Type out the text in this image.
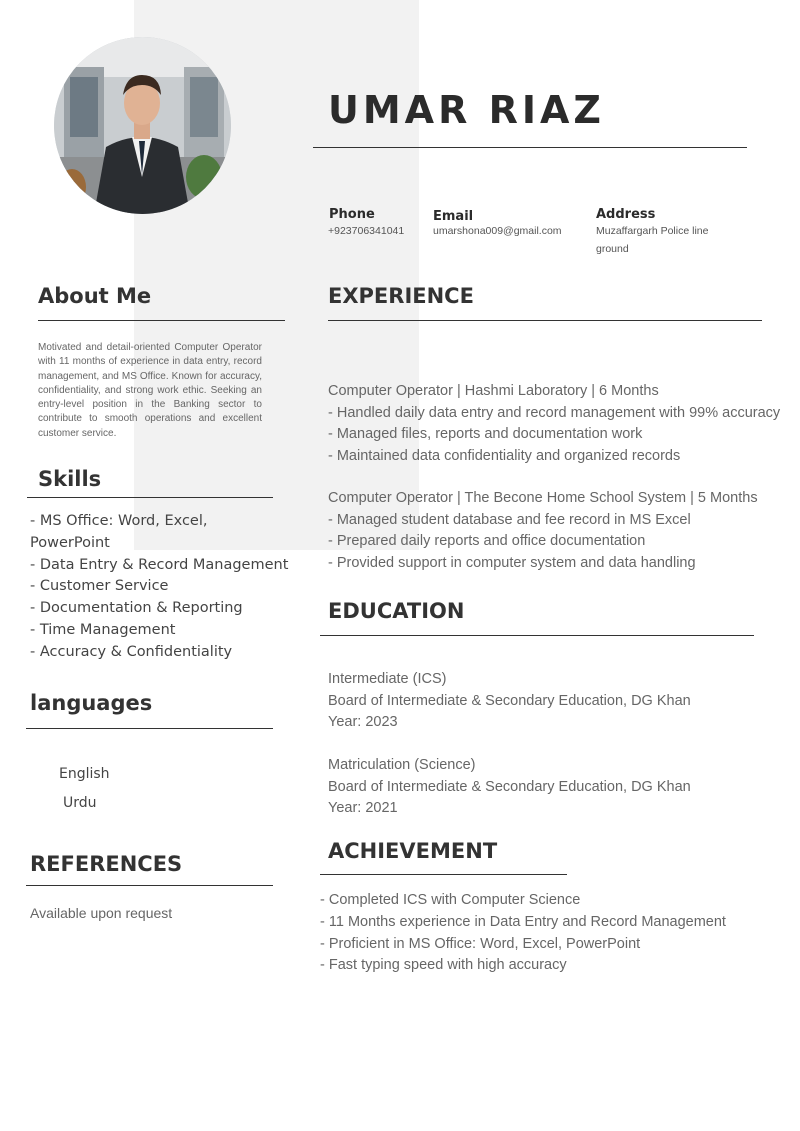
UMAR RIAZ
Phone
+923706341041
Email
umarshona009@gmail.com
Address
Muzaffargarh Police line
ground
About Me

Motivated and detail-oriented Computer Operator with 11 months of experience in data entry, record management, and MS Office. Known for accuracy, confidentiality, and strong work ethic. Seeking an entry-level position in the Banking sector to contribute to smooth operations and excellent customer service.

Skills
- MS Office: Word, Excel,
PowerPoint
- Data Entry & Record Management
- Customer Service
- Documentation & Reporting
- Time Management
- Accuracy & Confidentiality
languages
English
Urdu
REFERENCES
Available upon request
EXPERIENCE
Computer Operator | Hashmi Laboratory | 6 Months
- Handled daily data entry and record management with 99% accuracy
- Managed files, reports and documentation work
- Maintained data confidentiality and organized records
Computer Operator | The Becone Home School System | 5 Months
- Managed student database and fee record in MS Excel
- Prepared daily reports and office documentation
- Provided support in computer system and data handling
EDUCATION
Intermediate (ICS)
Board of Intermediate & Secondary Education, DG Khan
Year: 2023
Matriculation (Science)
Board of Intermediate & Secondary Education, DG Khan
Year: 2021
ACHIEVEMENT
- Completed ICS with Computer Science
- 11 Months experience in Data Entry and Record Management
- Proficient in MS Office: Word, Excel, PowerPoint
- Fast typing speed with high accuracy
